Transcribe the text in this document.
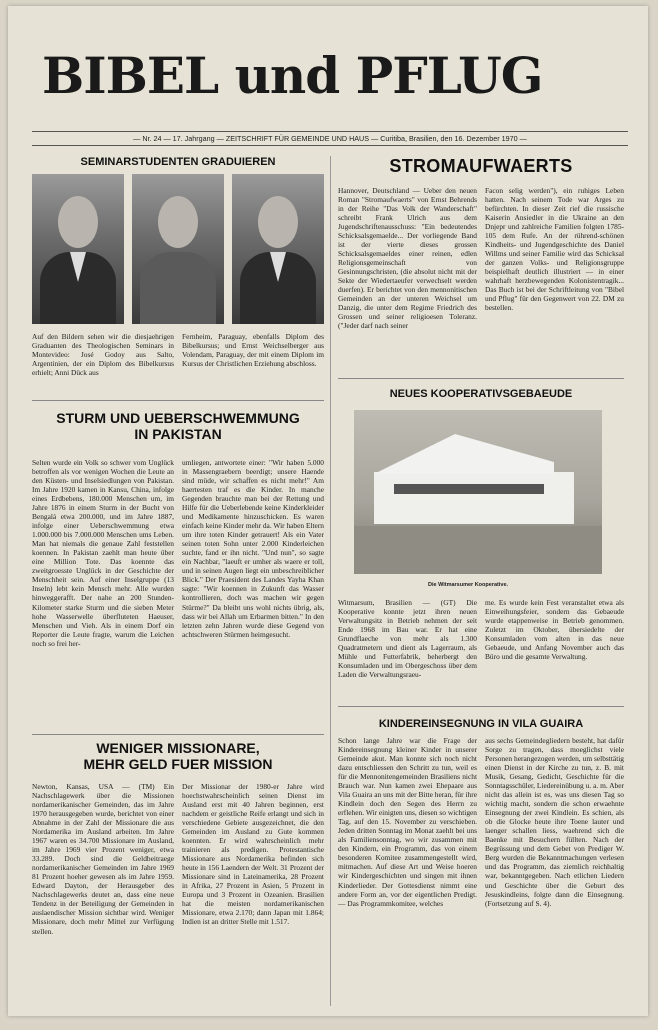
BIBEL und PFLUG
— Nr. 24 — 17. Jahrgang — ZEITSCHRIFT FÜR GEMEINDE UND HAUS — Curitiba, Brasilien, den 16. Dezember 1970 —
SEMINARSTUDENTEN GRADUIEREN

Auf den Bildern sehen wir die diesjaehrigen Graduanten des Theologischen Seminars in Montevideo: José Godoy aus Salto, Argentinien, der ein Diplom des Bibelkursus erhielt; Anni Dück aus

Fernheim, Paraguay, ebenfalls Diplom des Bibelkursus; und Ernst Weichselberger aus Volendam, Paraguay, der mit einem Diplom im Kursus der Christlichen Erziehung abschloss.

STURM UND UEBERSCHWEMMUNG
IN PAKISTAN

Selten wurde ein Volk so schwer vom Unglück betroffen als vor wenigen Wochen die Leute an den Küsten- und Inselsiedlungen von Pakistan. Im Jahre 1920 kamen in Kansu, China, infolge eines Erdbebens, 180.000 Menschen um, im Jahre 1876 in einem Sturm in der Bucht von Bengalá etwa 200.000, und im Jahre 1887, infolge einer Ueberschwemmung etwa 1.000.000 bis 7.000.000 Menschen ums Leben. Man hat niemals die genaue Zahl feststellen koennen. In Pakistan zaehlt man heute über eine Million Tote. Das koennte das zweitgroesste Unglück in der Geschichte der Menschheit sein. Auf einer Inselgruppe (13 Inseln) lebt kein Mensch mehr. Alle wurden hinweggerafft. Der nahe an 200 Stunden-Kilometer starke Sturm und die sieben Meter hohe Wasserwelle überfluteten Haeuser, Menschen und Vieh. Als in einem Dorf ein Reporter die Leute fragte, warum die Leichen noch so frei her-

umliegen, antwortete einer: "Wir haben 5.000 in Massengraebern beerdigt; unsere Haende sind müde, wir schaffen es nicht mehr!" Am haertesten traf es die Kinder. In manche Gegenden brauchte man bei der Rettung und Hilfe für die Ueberlebende keine Kinderkleider und Medikamente hinzuschicken. Es waren einfach keine Kinder mehr da. Wir haben Eltern um ihre toten Kinder getrauert! Als ein Vater seinen toten Sohn unter 2.000 Kinderleichen suchte, fand er ihn nicht. "Und nun", so sagte ein Nachbar, "laeuft er umher als waere er toll, und in seinen Augen liegt ein unbeschreiblicher Blick." Der Praesident des Landes Yayha Khan sagte: "Wir koennen in Zukunft das Wasser kontrollieren, doch was machen wir gegen Stürme?" Da bleibt uns wohl nichts übrig, als, dass wir bei Allah um Erbarmen bitten." In den letzten zehn Jahren wurde diese Gegend von achtschweren Stürmen heimgesucht.

WENIGER MISSIONARE,
MEHR GELD FUER MISSION

Newton, Kansas, USA — (TM) Ein Nachschlagewerk über die Missionen nordamerikanischer Gemeinden, das im Jahre 1970 herausgegeben wurde, berichtet von einer Abnahme in der Zahl der Missionare die aus Nordamerika im Ausland arbeiten. Im Jahre 1967 waren es 34.700 Missionare im Ausland, im Jahre 1969 vier Prozent weniger, etwa 33.289. Doch sind die Geldbeitraege nordamerikanischer Gemeinden im Jahre 1969 81 Prozent hoeher gewesen als im Jahre 1959. Edward Dayton, der Herausgeber des Nachschlagewerks deutet an, dass eine neue Tendenz in der Beteiligung der Gemeinden in auslaendischer Mission sichtbar wird. Weniger Missionare, doch mehr Mittel zur Verfügung stellen.

Der Missionar der 1980-er Jahre wird hoechstwahrscheinlich seinen Dienst im Ausland erst mit 40 Jahren beginnen, erst nachdem er geistliche Reife erlangt und sich in verschiedene Gebiete ausgezeichnet, die den Gemeinden im Ausland zu Gute kommen koennten. Er wird wahrscheinlich mehr trainieren als predigen. Protestantische Missionare aus Nordamerika befinden sich heute in 156 Laendern der Welt. 31 Prozent der Missionare sind in Lateinamerika, 28 Prozent in Afrika, 27 Prozent in Asien, 5 Prozent in Europa und 3 Prozent in Ozeanien. Brasilien hat die meisten nordamerikanischen Missionare, etwa 2.170; dann Japan mit 1.864; Indien ist an dritter Stelle mit 1.517.

STROMAUFWAERTS

Hannover, Deutschland — Ueber den neuen Roman "Stromaufwaerts" von Ernst Behrends in der Reihe "Das Volk der Wanderschaft" schreibt Frank Ulrich aus dem Jugendschriftenausschuss: "Ein bedeutendes Schicksalsgemaelde... Der vorliegende Band ist der vierte dieses grossen Schicksalsgemaeldes einer reinen, edlen Religionsgemeinschaft von Gesinnungschristen, (die absolut nicht mit der Sekte der Wiedertaeufer verwechselt werden duerfen). Er berichtet von den mennonitischen Gemeinden an der unteren Weichsel um Danzig, die unter dem Regime Friedrich des Grossen und seiner religioesen Toleranz. ("Jeder darf nach seiner

Facon selig werden"), ein ruhiges Leben hatten. Nach seinem Tode war Arges zu befürchten. In dieser Zeit rief die russische Kaiserin Ansiedler in die Ukraine an den Dnjepr und zahlreiche Familien folgten 1785-105 dem Rufe. An der rührend-schönen Kindheits- und Jugendgeschichte des Daniel Willms und seiner Familie wird das Schicksal der ganzen Volks- und Religionsgruppe beispielhaft deutlich illustriert — in einer wahrhaft herzbewegenden Kolonistentragik... Das Buch ist bei der Schriftleitung von "Bibel und Pflug" für den Gegenwert von 22. DM zu bestellen.

NEUES KOOPERATIVSGEBAEUDE
Die Witmarsumer Kooperative.

Witmarsum, Brasilien — (GT) Die Kooperative konnte jetzt ihren neuen Verwaltungsitz in Betrieb nehmen der seit Ende 1968 im Bau war. Er hat eine Grundflaeche von mehr als 1.300 Quadratmetern und dient als Lagerraum, als Mühle und Futterfabrik, beherbergt den Konsumladen und im Obergeschoss über dem Laden die Verwaltungsraeu-

me. Es wurde kein Fest veranstaltet etwa als Einweihungsfeier, sondern das Gebaeude wurde etappenweise in Betrieb genommen. Zuletzt im Oktober, übersiedelte der Konsumladen vom alten in das neue Gebaeude, und Anfang November auch das Büro und die gesamte Verwaltung.

KINDEREINSEGNUNG IN VILA GUAIRA

Schon lange Jahre war die Frage der Kindereinsegnung kleiner Kinder in unserer Gemeinde akut. Man konnte sich noch nicht dazu entschliessen den Schritt zu tun, weil es für die Mennonitengemeinden Brasiliens nicht Brauch war. Nun kamen zwei Ehepaare aus Vila Guaira an uns mit der Bitte heran, für ihre Kindlein doch den Segen des Herrn zu erflehen. Wir einigten uns, diesen so wichtigen Tag, auf den 15. November zu verschieben. Jeden dritten Sonntag im Monat zaehlt bei uns als Familiensonntag, wo wir zusammen mit den Kindern, ein Programm, das von einem besonderen Komitee zusammengestellt wird, mitmachen. Auf diese Art und Weise hoeren wir Kindergeschichten und singen mit ihnen Kinderlieder. Der Gottesdienst nimmt eine andere Form an, vor der eigentlichen Predigt. — Das Programmkomitee, welches

aus sechs Gemeindegliedern besteht, hat dafür Sorge zu tragen, dass moeglichst viele Personen herangezogen werden, um selbsttätig einen Dienst in der Kirche zu tun, z. B. mit Musik, Gesang, Gedicht, Geschichte für die Sonntagsschüler, Liedereinübung u. a. m. Aber nicht das allein ist es, was uns diesen Tag so wichtig macht, sondern die schon erwaehnte Einsegnung der zwei Kindlein. Es schien, als ob die Glocke heute ihre Toene lauter und laenger schallen liess, waehrend sich die Baenke mit Besuchern füllten. Nach der Begrüssung und dem Gebet von Prediger W. Berg wurden die Bekanntmachungen verlesen und das Programm, das ziemlich reichhaltig war, bekanntgegeben. Nach etlichen Liedern und Geschichte über die Geburt des Jesuskindleins, folgte dann die Einsegnung. (Fortsetzung auf S. 4).
